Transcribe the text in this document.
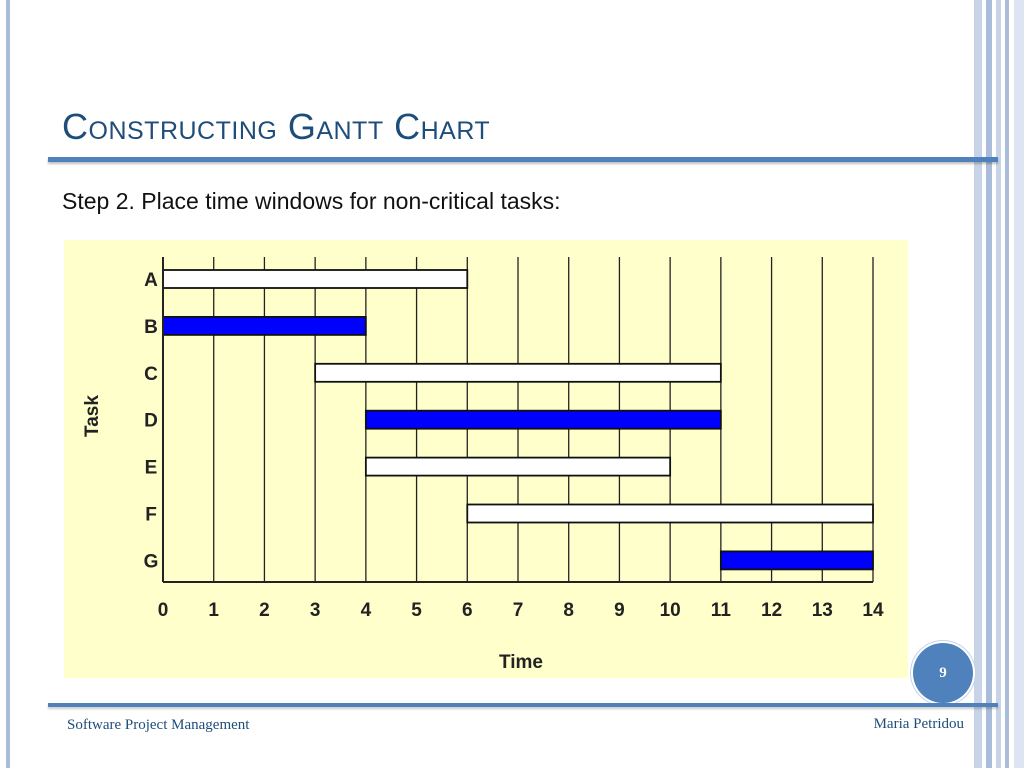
Constructing Gantt Chart
Step 2. Place time windows for non-critical tasks:
0 1 2 3 4 5 6 7 8 9 10 11 12 13 14
A
B
C
D
E
F
G
Time
Task
9
Software Project Management	Maria Petridou
